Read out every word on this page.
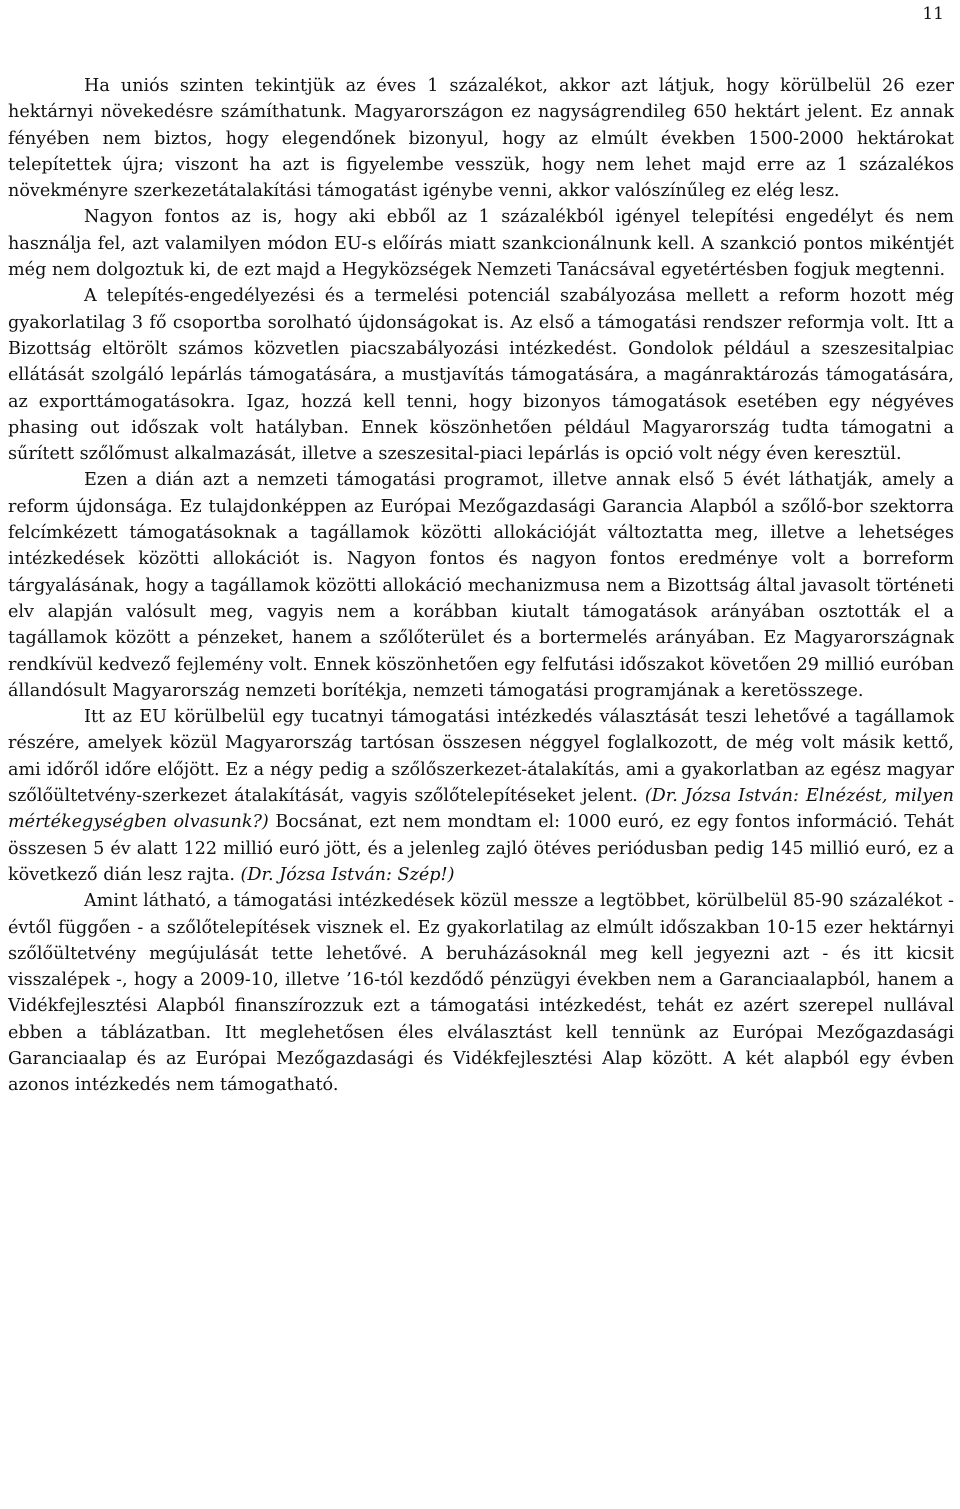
11

Ha uniós szinten tekintjük az éves 1 százalékot, akkor azt látjuk, hogy körülbelül 26 ezer hektárnyi növekedésre számíthatunk. Magyarországon ez nagyságrendileg 650 hektárt jelent. Ez annak fényében nem biztos, hogy elegendőnek bizonyul, hogy az elmúlt években 1500-2000 hektárokat telepítettek újra; viszont ha azt is figyelembe vesszük, hogy nem lehet majd erre az 1 százalékos növekményre szerkezetátalakítási támogatást igénybe venni, akkor valószínűleg ez elég lesz.

Nagyon fontos az is, hogy aki ebből az 1 százalékból igényel telepítési engedélyt és nem használja fel, azt valamilyen módon EU-s előírás miatt szankcionálnunk kell. A szankció pontos mikéntjét még nem dolgoztuk ki, de ezt majd a Hegyközségek Nemzeti Tanácsával egyetértésben fogjuk megtenni.

A telepítés-engedélyezési és a termelési potenciál szabályozása mellett a reform hozott még gyakorlatilag 3 fő csoportba sorolható újdonságokat is. Az első a támogatási rendszer reformja volt. Itt a Bizottság eltörölt számos közvetlen piacszabályozási intézkedést. Gondolok például a szeszesitalpiac ellátását szolgáló lepárlás támogatására, a mustjavítás támogatására, a magánraktározás támogatására, az exporttámogatásokra. Igaz, hozzá kell tenni, hogy bizonyos támogatások esetében egy négyéves phasing out időszak volt hatályban. Ennek köszönhetően például Magyarország tudta támogatni a sűrített szőlőmust alkalmazását, illetve a szeszesital-piaci lepárlás is opció volt négy éven keresztül.

Ezen a dián azt a nemzeti támogatási programot, illetve annak első 5 évét láthatják, amely a reform újdonsága. Ez tulajdonképpen az Európai Mezőgazdasági Garancia Alapból a szőlő-bor szektorra felcímkézett támogatásoknak a tagállamok közötti allokációját változtatta meg, illetve a lehetséges intézkedések közötti allokációt is. Nagyon fontos és nagyon fontos eredménye volt a borreform tárgyalásának, hogy a tagállamok közötti allokáció mechanizmusa nem a Bizottság által javasolt történeti elv alapján valósult meg, vagyis nem a korábban kiutalt támogatások arányában osztották el a tagállamok között a pénzeket, hanem a szőlőterület és a bortermelés arányában. Ez Magyarországnak rendkívül kedvező fejlemény volt. Ennek köszönhetően egy felfutási időszakot követően 29 millió euróban állandósult Magyarország nemzeti borítékja, nemzeti támogatási programjának a keretösszege.

Itt az EU körülbelül egy tucatnyi támogatási intézkedés választását teszi lehetővé a tagállamok részére, amelyek közül Magyarország tartósan összesen néggyel foglalkozott, de még volt másik kettő, ami időről időre előjött. Ez a négy pedig a szőlőszerkezet-átalakítás, ami a gyakorlatban az egész magyar szőlőültetvény-szerkezet átalakítását, vagyis szőlőtelepítéseket jelent. (Dr. Józsa István: Elnézést, milyen mértékegységben olvasunk?) Bocsánat, ezt nem mondtam el: 1000 euró, ez egy fontos információ. Tehát összesen 5 év alatt 122 millió euró jött, és a jelenleg zajló ötéves periódusban pedig 145 millió euró, ez a következő dián lesz rajta. (Dr. Józsa István: Szép!)

Amint látható, a támogatási intézkedések közül messze a legtöbbet, körülbelül 85-90 százalékot - évtől függően - a szőlőtelepítések visznek el. Ez gyakorlatilag az elmúlt időszakban 10-15 ezer hektárnyi szőlőültetvény megújulását tette lehetővé. A beruházásoknál meg kell jegyezni azt - és itt kicsit visszalépek -, hogy a 2009-10, illetve ’16-tól kezdődő pénzügyi években nem a Garanciaalapból, hanem a Vidékfejlesztési Alapból finanszírozzuk ezt a támogatási intézkedést, tehát ez azért szerepel nullával ebben a táblázatban. Itt meglehetősen éles elválasztást kell tennünk az Európai Mezőgazdasági Garanciaalap és az Európai Mezőgazdasági és Vidékfejlesztési Alap között. A két alapból egy évben azonos intézkedés nem támogatható.
